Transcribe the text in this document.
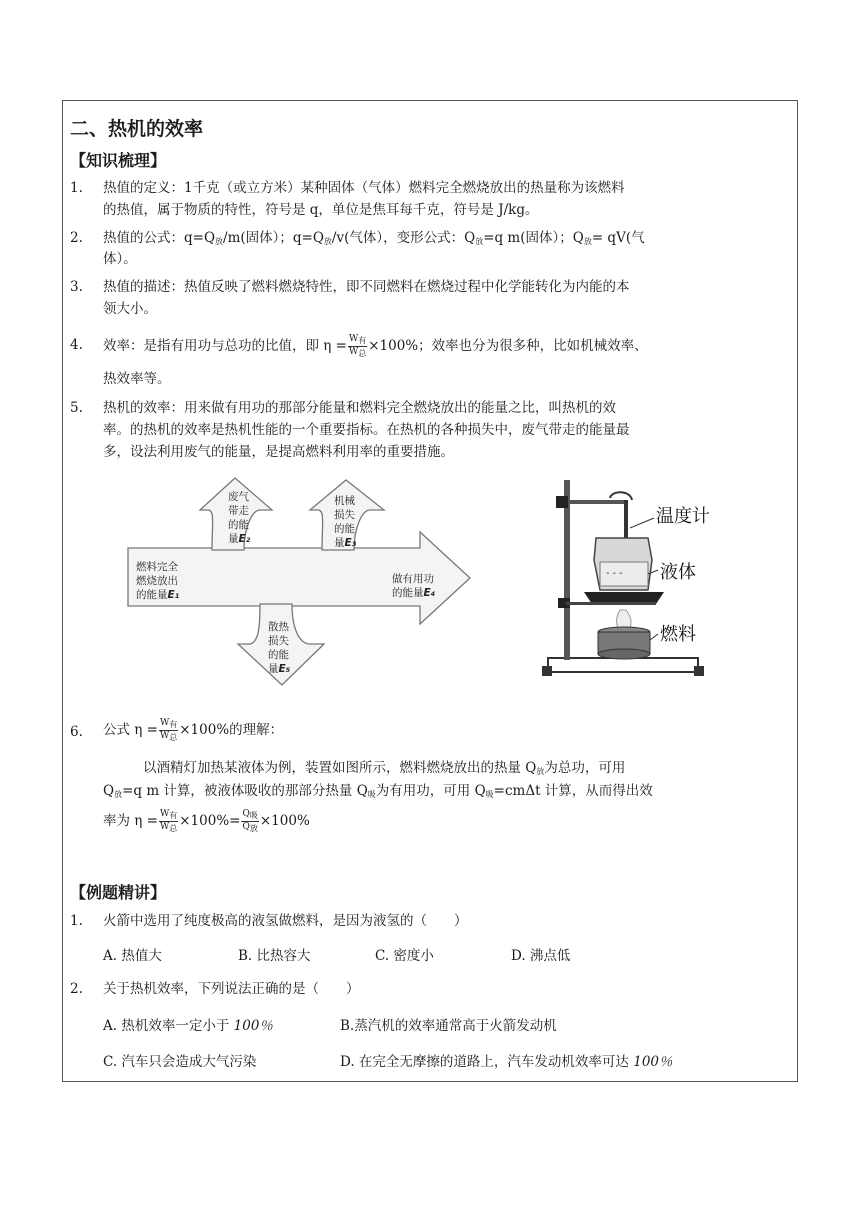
二、热机的效率
【知识梳理】
1. 热值的定义：1千克（或立方米）某种固体（气体）燃料完全燃烧放出的热量称为该燃料
的热值，属于物质的特性，符号是 q，单位是焦耳每千克，符号是 J/kg。
2. 热值的公式：$q=Q_放/m$(固体）；$q=Q_放/v$(气体），变形公式：$Q_放=q$ m(固体）；$Q_放= qV$(气
体）。
3. 热值的描述：热值反映了燃料燃烧特性，即不同燃料在燃烧过程中化学能转化为内能的本
领大小。
4. 效率：是指有用功与总功的比值，即 $\eta = \frac{\text{W有}}{\text{W总}} \times 100\%$；效率也分为很多种，比如机械效率、
热效率等。
5. 热机的效率：用来做有用功的那部分能量和燃料完全燃烧放出的能量之比，叫热机的效
率。的热机的效率是热机性能的一个重要指标。在热机的各种损失中，废气带走的能量最
多，设法利用废气的能量，是提高燃料利用率的重要措施。
燃料完全
燃烧放出
的能量E₁
废气
带走
的能
量E₂
机械
损失
的能
量E₃
做有用功
的能量E₄
散热
损失
的能
量E₅
- - -
温度计
液体
燃料
6. 公式 $\eta = \frac{\text{W有}}{\text{W总}} \times 100\%$的理解：
以酒精灯加热某液体为例，装置如图所示，燃料燃烧放出的热量 $Q_放$为总功，可用
$Q_放=q$ m 计算，被液体吸收的那部分热量 $Q_吸$为有用功，可用 $Q_吸=cm\Delta t$ 计算，从而得出效
率为 $\eta = \frac{\text{W有}}{\text{W总}} \times 100\%= \frac{\text{Q吸}}{\text{Q放}} \times 100\%$
【例题精讲】
1. 火箭中选用了纯度极高的液氢做燃料，是因为液氢的（　　）
A. 热值大	B. 比热容大	C. 密度小	D. 沸点低
2. 关于热机效率，下列说法正确的是（　　）
A. 热机效率一定小于 100％	B.蒸汽机的效率通常高于火箭发动机
C. 汽车只会造成大气污染	D. 在完全无摩擦的道路上，汽车发动机效率可达 100％
